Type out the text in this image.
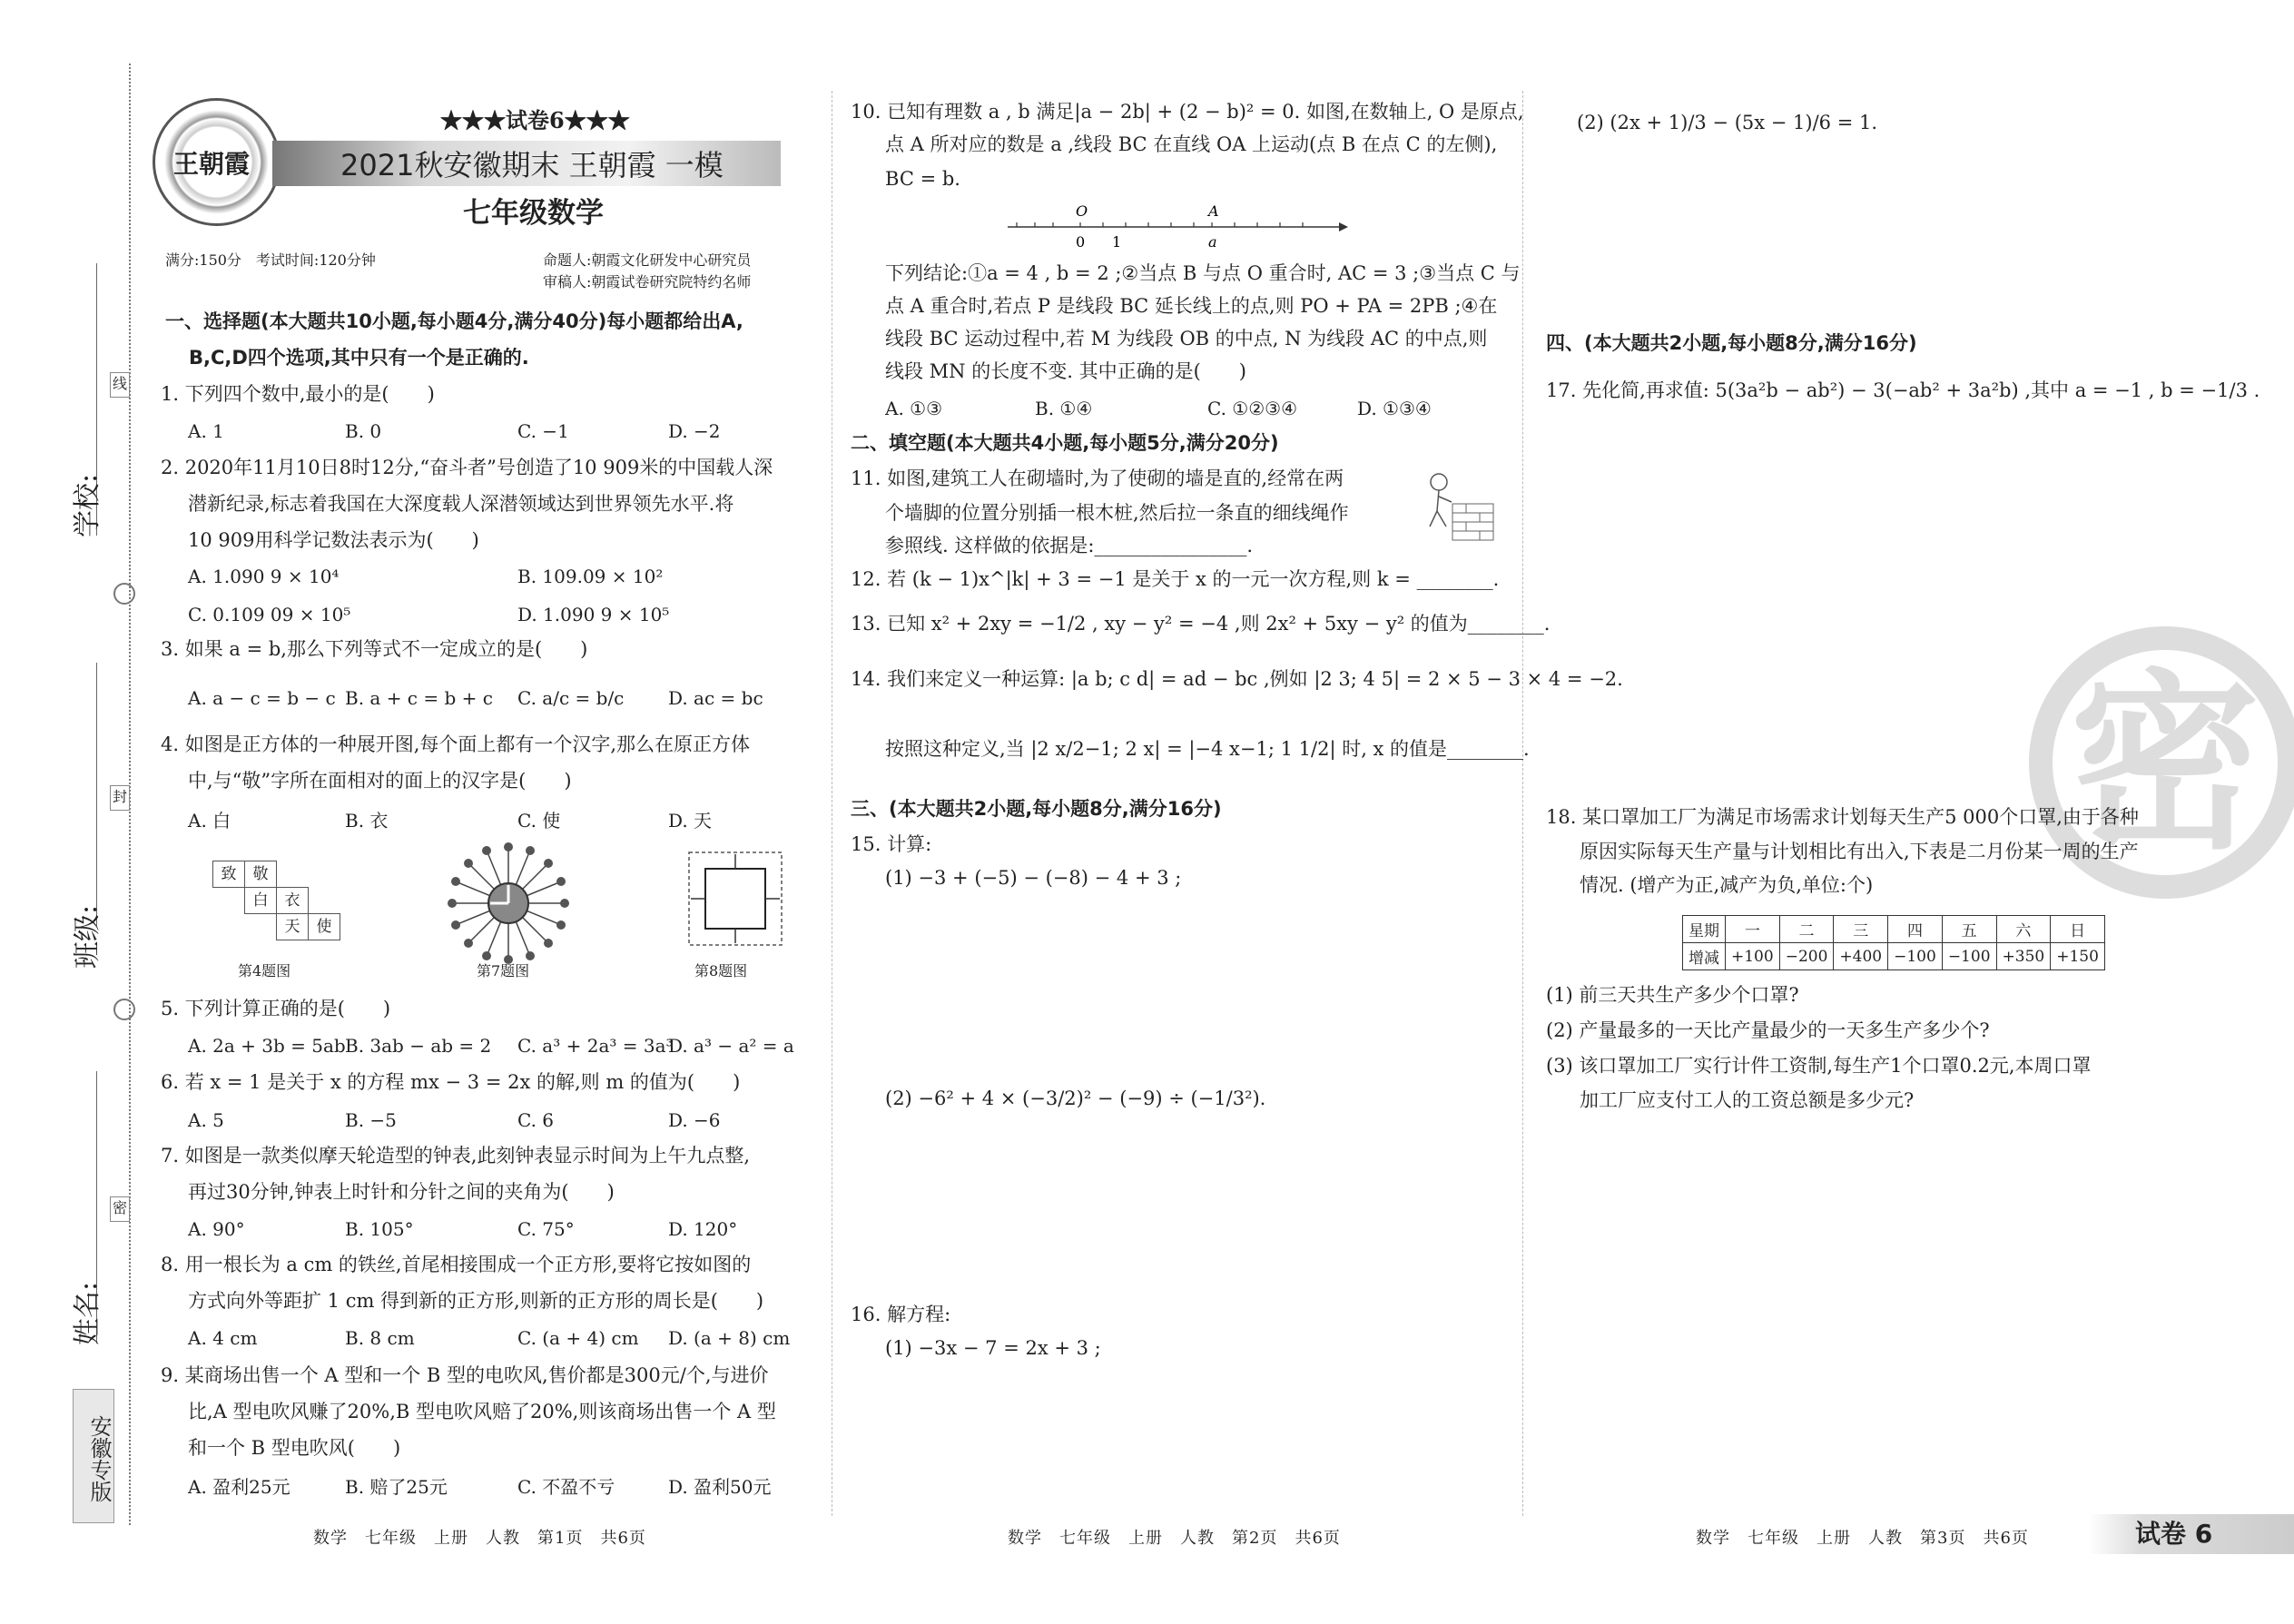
学校:
班级:
姓名:
线
封
密
安徽专版
王朝霞
★★★试卷6★★★
2021秋安徽期末 王朝霞 一模
七年级数学
满分:150分　考试时间:120分钟	命题人:朝霞文化研发中心研究员
审稿人:朝霞试卷研究院特约名师
一、选择题(本大题共10小题,每小题4分,满分40分)每小题都给出A,
B,C,D四个选项,其中只有一个是正确的.
1. 下列四个数中,最小的是(　　)
A. 1	B. 0	C. −1	D. −2
2. 2020年11月10日8时12分,“奋斗者”号创造了10 909米的中国载人深
潜新纪录,标志着我国在大深度载人深潜领域达到世界领先水平.将
10 909用科学记数法表示为(　　)
A. 1.090 9 × 10⁴	B. 109.09 × 10²
C. 0.109 09 × 10⁵	D. 1.090 9 × 10⁵
3. 如果 a = b,那么下列等式不一定成立的是(　　)
A. a − c = b − c B. a + c = b + c C. a/c = b/c D. ac = bc
4. 如图是正方体的一种展开图,每个面上都有一个汉字,那么在原正方体
中,与“敬”字所在面相对的面上的汉字是(　　)
A. 白	B. 衣	C. 使	D. 天
致	敬
白	衣
天	使
第4题图	第7题图	第8题图
5. 下列计算正确的是(　　)
A. 2a + 3b = 5ab B. 3ab − ab = 2 C. a³ + 2a³ = 3a³
D. a³ − a² = a
6. 若 x = 1 是关于 x 的方程 mx − 3 = 2x 的解,则 m 的值为(　　)
A. 5	B. −5	C. 6	D. −6
7. 如图是一款类似摩天轮造型的钟表,此刻钟表显示时间为上午九点整,
再过30分钟,钟表上时针和分针之间的夹角为(　　)
A. 90°	B. 105°	C. 75°	D. 120°
8. 用一根长为 a cm 的铁丝,首尾相接围成一个正方形,要将它按如图的
方式向外等距扩 1 cm 得到新的正方形,则新的正方形的周长是(　　)
A. 4 cm	B. 8 cm	C. (a + 4) cm D. (a + 8) cm
9. 某商场出售一个 A 型和一个 B 型的电吹风,售价都是300元/个,与进价
比,A 型电吹风赚了20%,B 型电吹风赔了20%,则该商场出售一个 A 型
和一个 B 型电吹风(　　)
A. 盈利25元	B. 赔了25元	C. 不盈不亏	D. 盈利50元
数学　七年级　上册　人教　第1页　共6页
10. 已知有理数 a , b 满足|a − 2b| + (2 − b)² = 0. 如图,在数轴上, O 是原点,
点 A 所对应的数是 a ,线段 BC 在直线 OA 上运动(点 B 在点 C 的左侧),
BC = b.
O	A
0 1	a
下列结论:①a = 4 , b = 2 ;②当点 B 与点 O 重合时, AC = 3 ;③当点 C 与
点 A 重合时,若点 P 是线段 BC 延长线上的点,则 PO + PA = 2PB ;④在
线段 BC 运动过程中,若 M 为线段 OB 的中点, N 为线段 AC 的中点,则
线段 MN 的长度不变. 其中正确的是(　　)
A. ①③	B. ①④	C. ①②③④	D. ①③④
二、填空题(本大题共4小题,每小题5分,满分20分)
11. 如图,建筑工人在砌墙时,为了使砌的墙是直的,经常在两
个墙脚的位置分别插一根木桩,然后拉一条直的细线绳作
参照线. 这样做的依据是:________________.
12. 若 (k − 1)x^|k| + 3 = −1 是关于 x 的一元一次方程,则 k = ________.
13. 已知 x² + 2xy = −1/2 , xy − y² = −4 ,则 2x² + 5xy − y² 的值为________.
14. 我们来定义一种运算: |a b; c d| = ad − bc ,例如 |2 3; 4 5| = 2 × 5 − 3 × 4 = −2.
按照这种定义,当 |2 x/2−1; 2 x| = |−4 x−1; 1 1/2| 时, x 的值是________.
三、(本大题共2小题,每小题8分,满分16分)
15. 计算:
(1) −3 + (−5) − (−8) − 4 + 3 ;
(2) −6² + 4 × (−3/2)² − (−9) ÷ (−1/3²).
16. 解方程:
(1) −3x − 7 = 2x + 3 ;
数学　七年级　上册　人教　第2页　共6页
(2) (2x + 1)/3 − (5x − 1)/6 = 1.
四、(本大题共2小题,每小题8分,满分16分)
17. 先化简,再求值: 5(3a²b − ab²) − 3(−ab² + 3a²b) ,其中 a = −1 , b = −1/3 .
密
18. 某口罩加工厂为满足市场需求计划每天生产5 000个口罩,由于各种
原因实际每天生产量与计划相比有出入,下表是二月份某一周的生产
情况. (增产为正,减产为负,单位:个)
星期	一	二	三	四	五	六	日
增减	+100	−200	+400	−100	−100	+350	+150
(1) 前三天共生产多少个口罩?
(2) 产量最多的一天比产量最少的一天多生产多少个?
(3) 该口罩加工厂实行计件工资制,每生产1个口罩0.2元,本周口罩
加工厂应支付工人的工资总额是多少元?
数学　七年级　上册　人教　第3页　共6页	试卷 6
